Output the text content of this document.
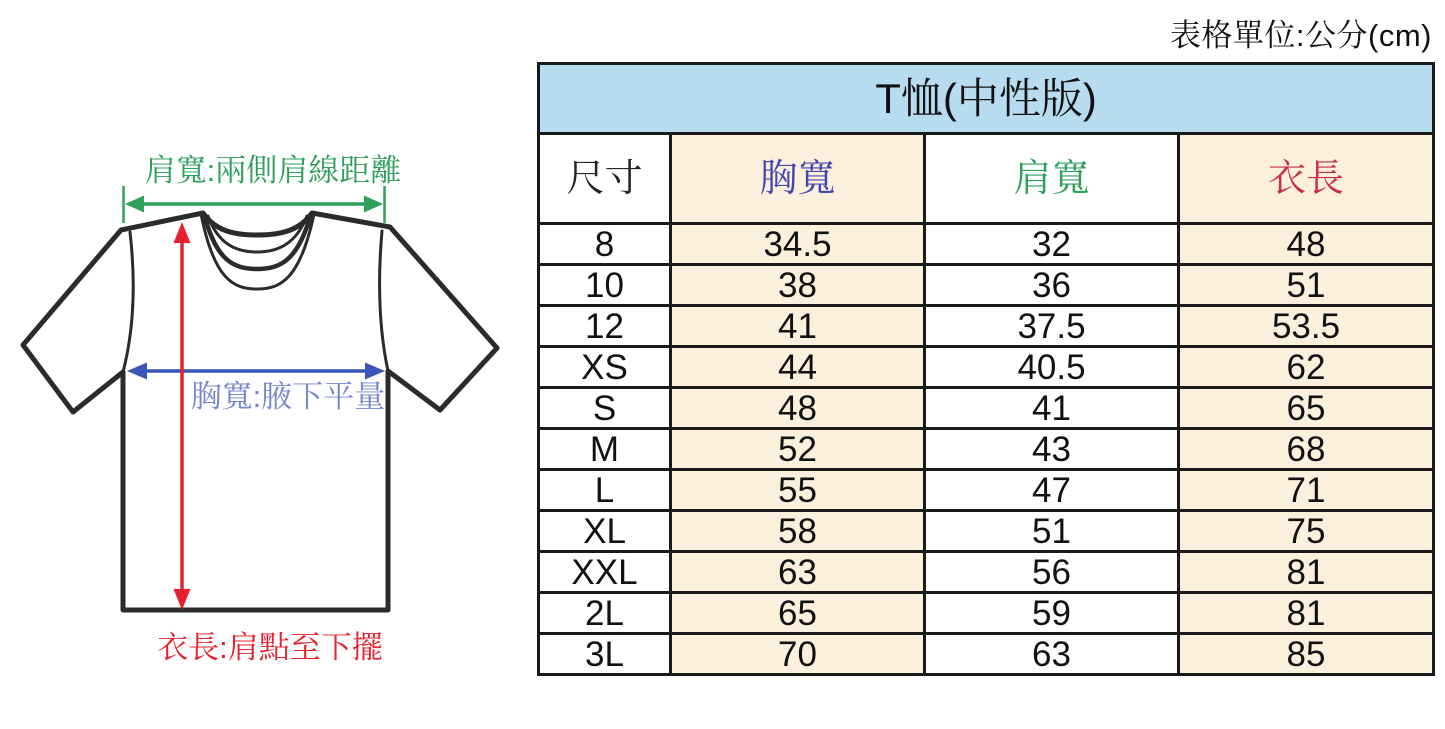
表格單位:公分(cm)
肩寬:兩側肩線距離
胸寬:腋下平量
衣長:肩點至下擺
T恤(中性版)			
尺寸	胸寬	肩寬	衣長
8	34.5	32	48
10	38	36	51
12	41	37.5	53.5
XS	44	40.5	62
S	48	41	65
M	52	43	68
L	55	47	71
XL	58	51	75
XXL	63	56	81
2L	65	59	81
3L	70	63	85
